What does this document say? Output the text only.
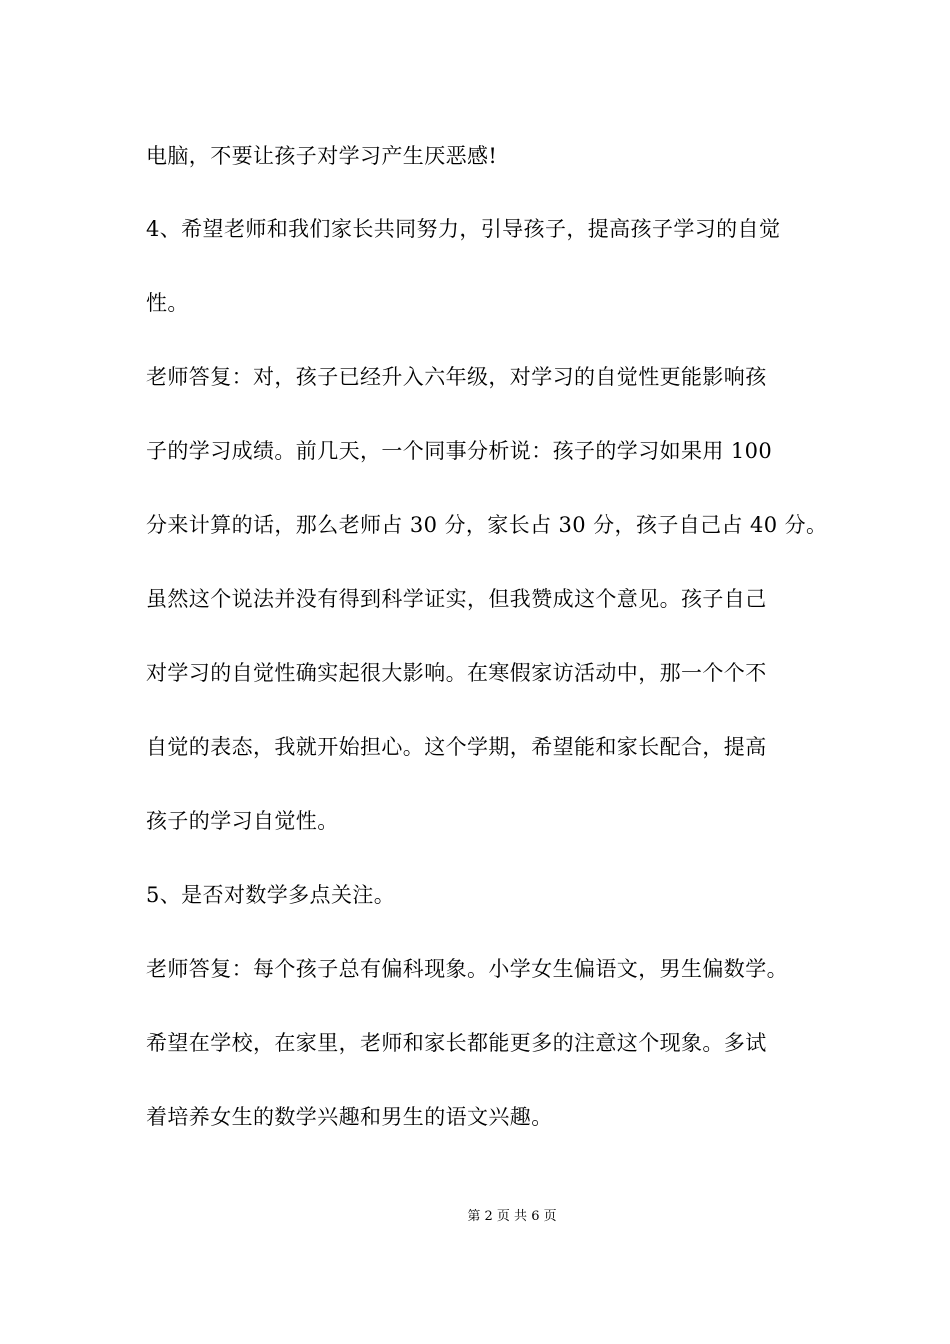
电脑，不要让孩子对学习产生厌恶感!
4、希望老师和我们家长共同努力，引导孩子，提高孩子学习的自觉
性。
老师答复：对，孩子已经升入六年级，对学习的自觉性更能影响孩
子的学习成绩。前几天，一个同事分析说：孩子的学习如果用 100
分来计算的话，那么老师占 30 分，家长占 30 分，孩子自己占 40 分。
虽然这个说法并没有得到科学证实，但我赞成这个意见。孩子自己
对学习的自觉性确实起很大影响。在寒假家访活动中，那一个个不
自觉的表态，我就开始担心。这个学期，希望能和家长配合，提高
孩子的学习自觉性。
5、是否对数学多点关注。
老师答复：每个孩子总有偏科现象。小学女生偏语文，男生偏数学。
希望在学校，在家里，老师和家长都能更多的注意这个现象。多试
着培养女生的数学兴趣和男生的语文兴趣。
第 2 页 共 6 页
